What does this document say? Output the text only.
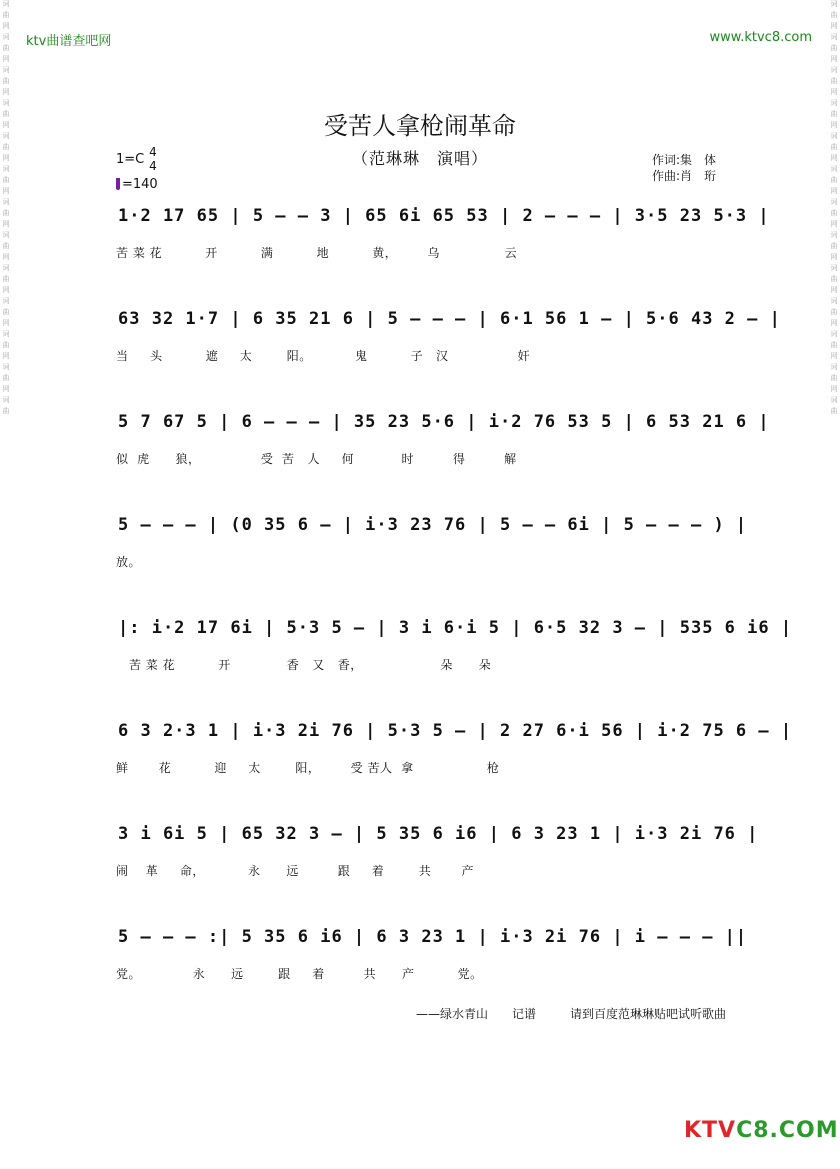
词
曲
网
词
曲
网
词
曲
网
词
曲
网
词
曲
网
词
曲
网
词
曲
网
词
曲
网
词
曲
网
词
曲
网
词
曲
网
词
曲
网
词
曲
词
曲
网
词
曲
网
词
曲
网
词
曲
网
词
曲
网
词
曲
网
词
曲
网
词
曲
网
词
曲
网
词
曲
网
词
曲
网
词
曲
网
词
曲
ktv曲谱查吧网	www.ktvc8.com
受苦人拿枪闹革命
（范琳琳　演唱）
1=C 4
4
=140
作词:集　体
作曲:肖　珩
1·2 17 65 | 5 — — 3 | 65 6i 65 53 | 2 — — — | 3·5 23 5·3 |
苦 菜 花          开          满          地          黄，       乌               云
63 32 1·7 | 6 35 21 6 | 5 — — — | 6·1 56 1 — | 5·6 43 2 — |
当     头          遮     太        阳。          鬼          子   汉                奸
5 7 67 5 | 6 — — — | 35 23 5·6 | i·2 76 53 5 | 6 53 21 6 |
似  虎      狼，              受  苦   人     何           时         得         解
5 — — — | (0 35 6 — | i·3 23 76 | 5 — — 6i | 5 — — — ) |
放。
|: i·2 17 6i | 5·3 5 — | 3 i 6·i 5 | 6·5 32 3 — | 535 6 i6 |
苦 菜 花          开             香   又   香，                  朵      朵
6 3 2·3 1 | i·3 2i 76 | 5·3 5 — | 2 27 6·i 56 | i·2 75 6 — |
鲜       花          迎     太        阳，       受 苦人  拿                 枪
3 i 6i 5 | 65 32 3 — | 5 35 6 i6 | 6 3 23 1 | i·3 2i 76 |
闹    革     命，          永      远         跟     着        共       产
5 — — — :| 5 35 6 i6 | 6 3 23 1 | i·3 2i 76 | i — — — ||
党。            永      远        跟     着         共      产          党。
——绿水青山　　记谱	请到百度范琳琳贴吧试听歌曲
KTVC8.COM
